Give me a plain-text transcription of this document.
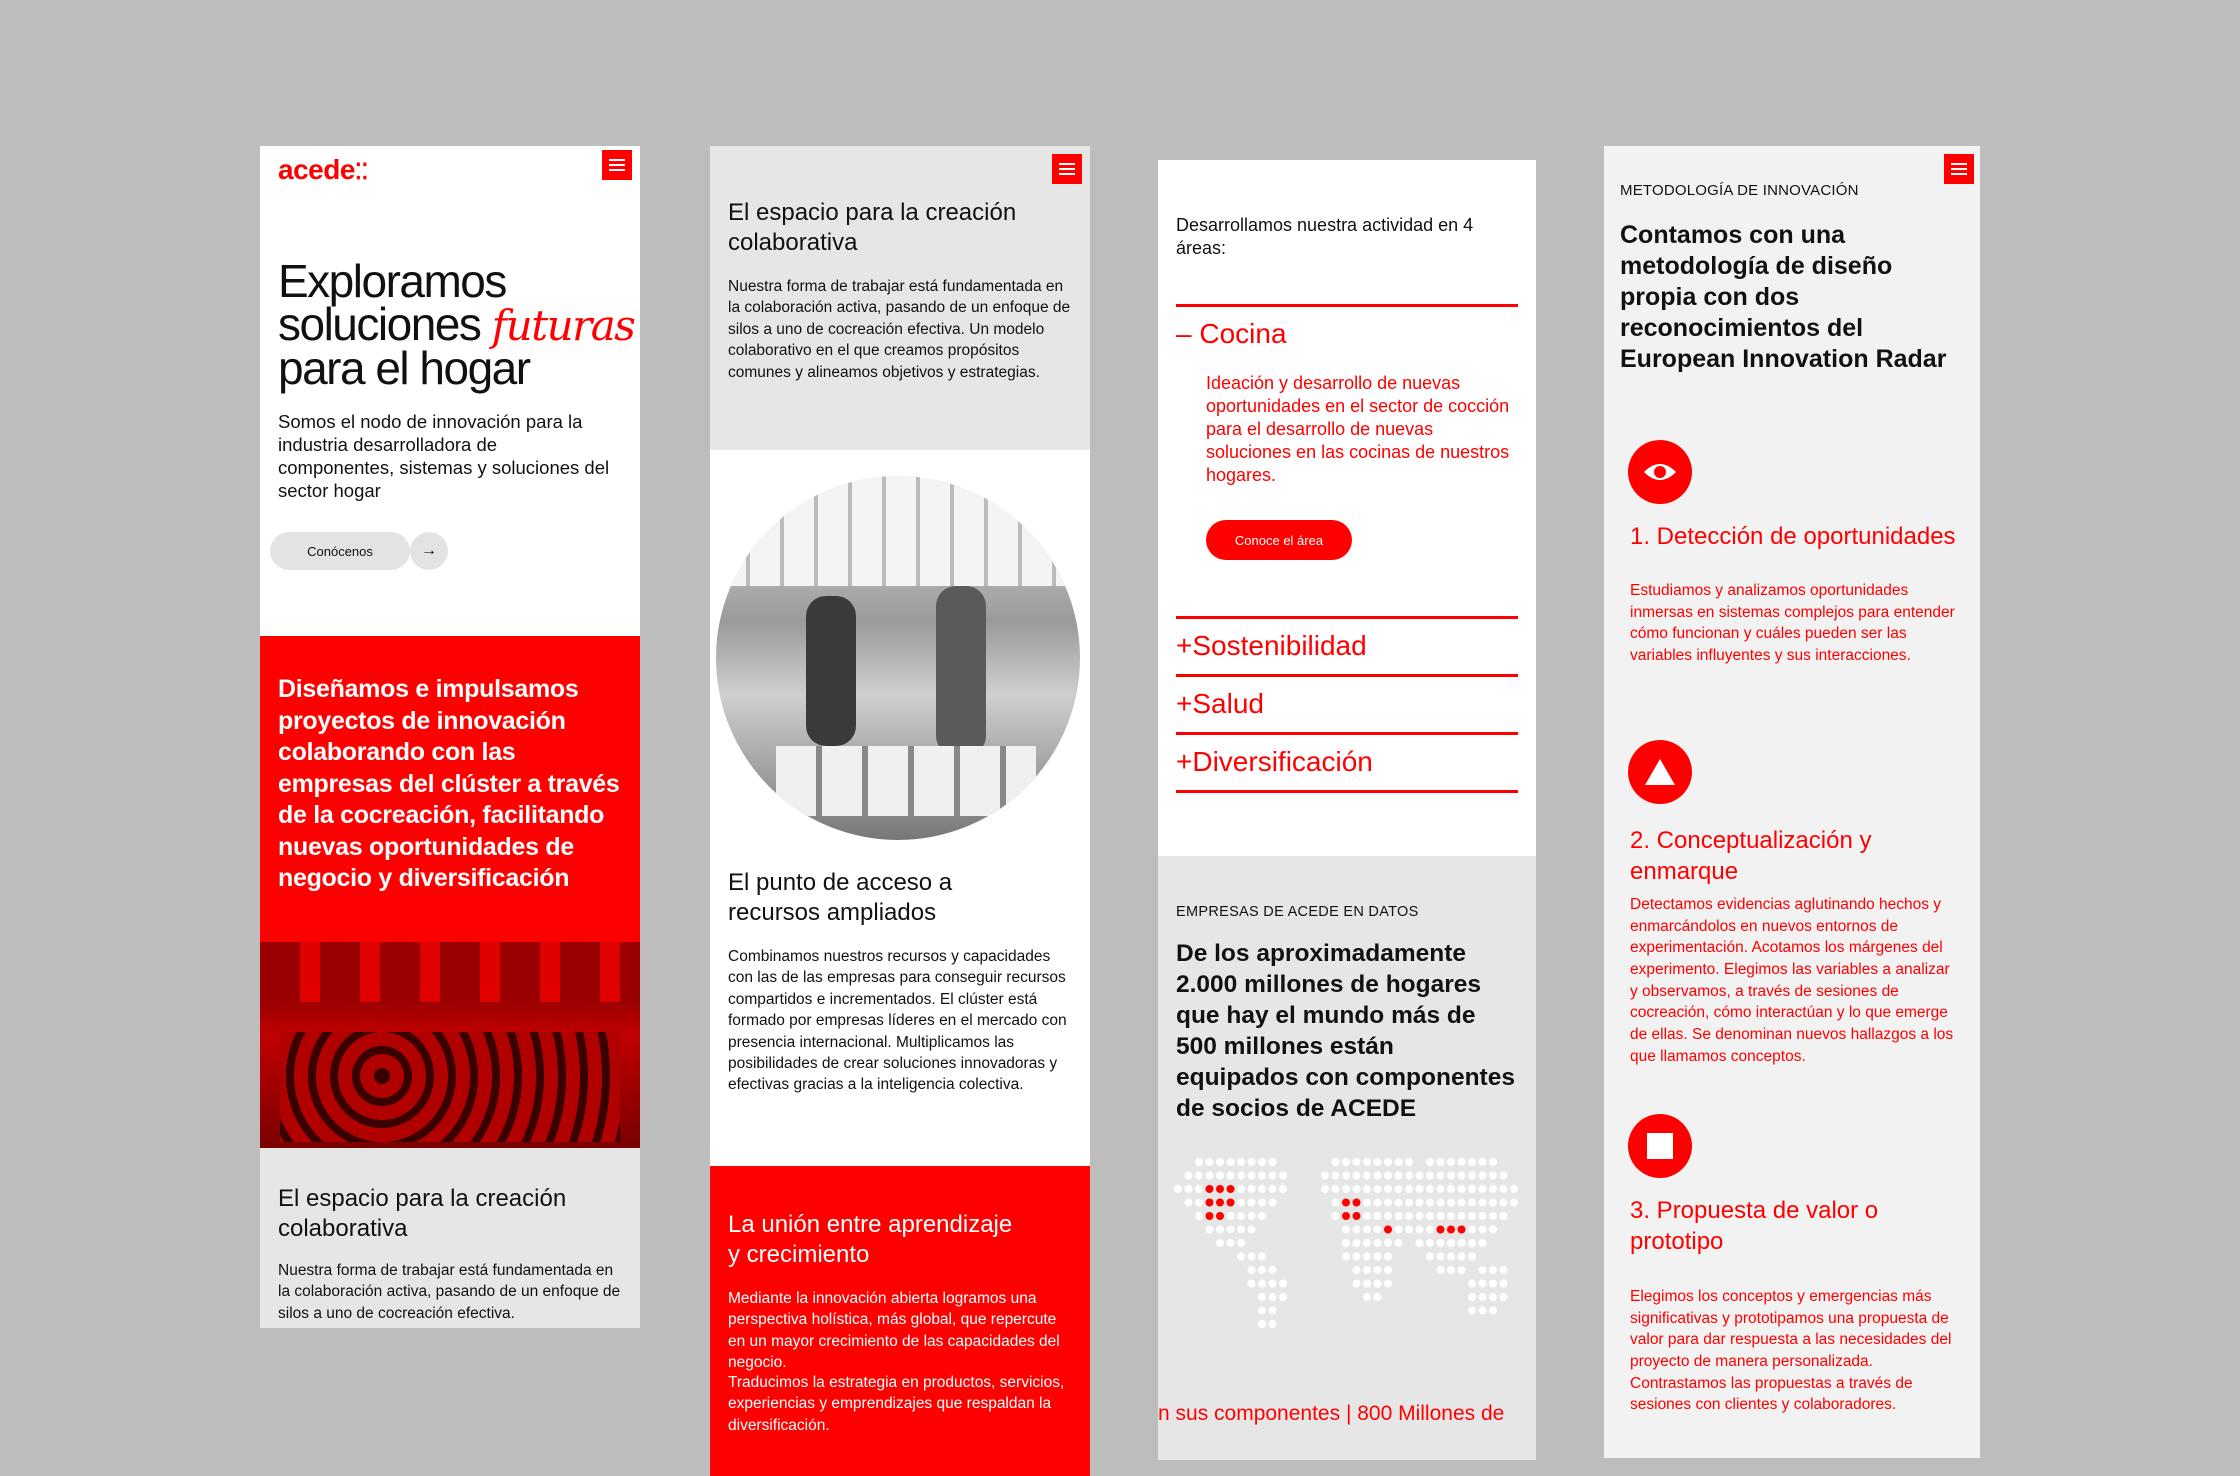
acede⁚⁚
Exploramos
soluciones futuras
para el hogar
Somos el nodo de innovación para la industria desarrolladora de componentes, sistemas y soluciones del sector hogar
Conócenos	→
Diseñamos e impulsamos proyectos de innovación colaborando con las empresas del clúster a través de la cocreación, facilitando nuevas oportunidades de negocio y diversificación
El espacio para la creación colaborativa
Nuestra forma de trabajar está fundamentada en la colaboración activa, pasando de un enfoque de silos a uno de cocreación efectiva.
El espacio para la creación colaborativa
Nuestra forma de trabajar está fundamentada en la colaboración activa, pasando de un enfoque de silos a uno de cocreación efectiva. Un modelo colaborativo en el que creamos propósitos comunes y alineamos objetivos y estrategias.
El punto de acceso a recursos ampliados
Combinamos nuestros recursos y capacidades con las de las empresas para conseguir recursos compartidos e incrementados. El clúster está formado por empresas líderes en el mercado con presencia internacional. Multiplicamos las posibilidades de crear soluciones innovadoras y efectivas gracias a la inteligencia colectiva.
La unión entre aprendizaje y crecimiento
Mediante la innovación abierta logramos una perspectiva holística, más global, que repercute en un mayor crecimiento de las capacidades del negocio.
Traducimos la estrategia en productos, servicios, experiencias y emprendizajes que respaldan la diversificación.
Desarrollamos nuestra actividad en 4 áreas:
– Cocina
Ideación y desarrollo de nuevas oportunidades en el sector de cocción para el desarrollo de nuevas soluciones en las cocinas de nuestros hogares.
Conoce el área
+Sostenibilidad
+Salud
+Diversificación
EMPRESAS DE ACEDE EN DATOS
De los aproximadamente 2.000 millones de hogares que hay el mundo más de 500 millones están equipados con componentes de socios de ACEDE
n sus componentes | 800 Millones de
METODOLOGÍA DE INNOVACIÓN
Contamos con una metodología de diseño propia con dos reconocimientos del European Innovation Radar
1. Detección de oportunidades
Estudiamos y analizamos oportunidades inmersas en sistemas complejos para entender cómo funcionan y cuáles pueden ser las variables influyentes y sus interacciones.
2. Conceptualización y enmarque
Detectamos evidencias aglutinando hechos y enmarcándolos en nuevos entornos de experimentación. Acotamos los márgenes del experimento. Elegimos las variables a analizar y observamos, a través de sesiones de cocreación, cómo interactúan y lo que emerge de ellas. Se denominan nuevos hallazgos a los que llamamos conceptos.
3. Propuesta de valor o prototipo
Elegimos los conceptos y emergencias más significativas y prototipamos una propuesta de valor para dar respuesta a las necesidades del proyecto de manera personalizada. Contrastamos las propuestas a través de sesiones con clientes y colaboradores.
